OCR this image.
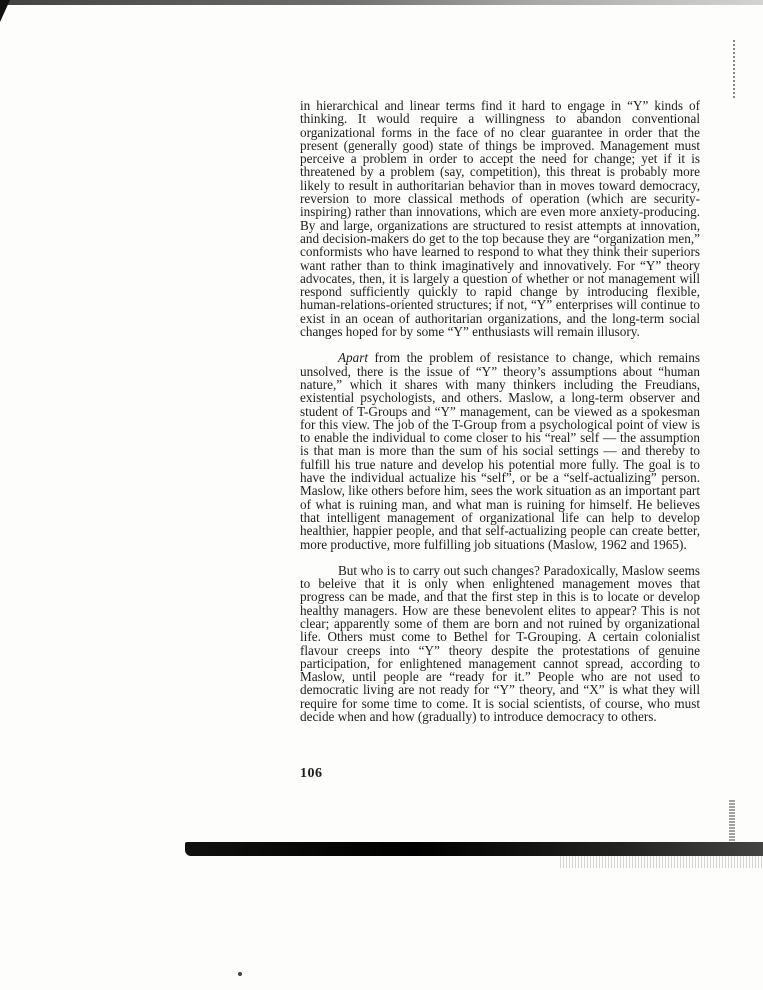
in hierarchical and linear terms find it hard to engage in “Y” kinds of thinking. It would require a willingness to abandon conventional organizational forms in the face of no clear guarantee in order that the present (generally good) state of things be improved. Management must perceive a problem in order to accept the need for change; yet if it is threatened by a problem (say, competition), this threat is probably more likely to result in authoritarian behavior than in moves toward democracy, reversion to more classical methods of operation (which are security-inspiring) rather than innovations, which are even more anxiety-producing. By and large, organizations are structured to resist attempts at innovation, and decision-makers do get to the top because they are “organization men,” conformists who have learned to respond to what they think their superiors want rather than to think imaginatively and innovatively. For “Y” theory advocates, then, it is largely a question of whether or not management will respond sufficiently quickly to rapid change by introducing flexible, human-relations-oriented structures; if not, “Y” enterprises will continue to exist in an ocean of authoritarian organizations, and the long-term social changes hoped for by some “Y” enthusiasts will remain illusory.

Apart from the problem of resistance to change, which remains unsolved, there is the issue of “Y” theory’s assumptions about “human nature,” which it shares with many thinkers including the Freudians, existential psychologists, and others. Maslow, a long-term observer and student of T-Groups and “Y” management, can be viewed as a spokesman for this view. The job of the T-Group from a psychological point of view is to enable the individual to come closer to his “real” self — the assumption is that man is more than the sum of his social settings — and thereby to fulfill his true nature and develop his potential more fully. The goal is to have the individual actualize his “self”, or be a “self-actualizing” person. Maslow, like others before him, sees the work situation as an important part of what is ruining man, and what man is ruining for himself. He believes that intelligent management of organizational life can help to develop healthier, happier people, and that self-actualizing people can create better, more productive, more fulfilling job situations (Maslow, 1962 and 1965).

But who is to carry out such changes? Paradoxically, Maslow seems to beleive that it is only when enlightened management moves that progress can be made, and that the first step in this is to locate or develop healthy managers. How are these benevolent elites to appear? This is not clear; apparently some of them are born and not ruined by organizational life. Others must come to Bethel for T-Grouping. A certain colonialist flavour creeps into “Y” theory despite the protestations of genuine participation, for enlightened management cannot spread, according to Maslow, until people are “ready for it.” People who are not used to democratic living are not ready for “Y” theory, and “X” is what they will require for some time to come. It is social scientists, of course, who must decide when and how (gradually) to introduce democracy to others.

106
